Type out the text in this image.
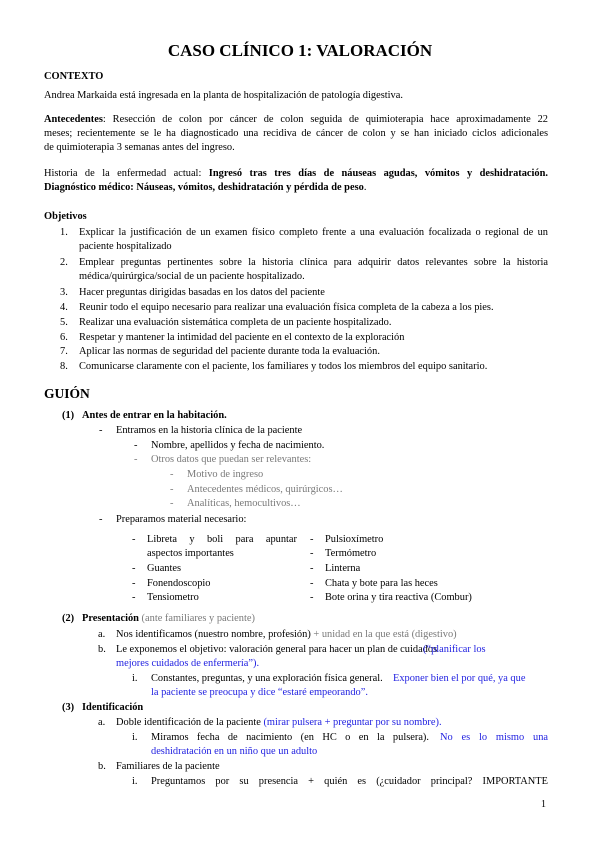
CASO CLÍNICO 1: VALORACIÓN
CONTEXTO
Andrea Markaida está ingresada en la planta de hospitalización de patología digestiva.
Antecedentes: Resección de colon por cáncer de colon seguida de quimioterapia hace aproximadamente 22
meses; recientemente se le ha diagnosticado una recidiva de cáncer de colon y se han iniciado ciclos adicionales
de quimioterapia 3 semanas antes del ingreso.
Historia de la enfermedad actual: Ingresó tras tres días de náuseas agudas, vómitos y deshidratación.
Diagnóstico médico: Náuseas, vómitos, deshidratación y pérdida de peso.
Objetivos
1. Explicar la justificación de un examen físico completo frente a una evaluación focalizada o regional de un
paciente hospitalizado
2. Emplear preguntas pertinentes sobre la historia clínica para adquirir datos relevantes sobre la historia
médica/quirúrgica/social de un paciente hospitalizado.
3. Hacer preguntas dirigidas basadas en los datos del paciente
4. Reunir todo el equipo necesario para realizar una evaluación física completa de la cabeza a los pies.
5. Realizar una evaluación sistemática completa de un paciente hospitalizado.
6. Respetar y mantener la intimidad del paciente en el contexto de la exploración
7. Aplicar las normas de seguridad del paciente durante toda la evaluación.
8. Comunicarse claramente con el paciente, los familiares y todos los miembros del equipo sanitario.
GUIÓN
(1) Antes de entrar en la habitación.
- Entramos en la historia clínica de la paciente
- Nombre, apellidos y fecha de nacimiento.
- Otros datos que puedan ser relevantes:
- Motivo de ingreso
- Antecedentes médicos, quirúrgicos…
- Analíticas, hemocultivos…
- Preparamos material necesario:
- Libreta y boli para apuntar
aspectos importantes
- Guantes
- Fonendoscopio
- Tensiometro
- Pulsioxímetro
- Termómetro
- Linterna
- Chata y bote para las heces
- Bote orina y tira reactiva (Combur)
(2) Presentación (ante familiares y paciente)
a. Nos identificamos (nuestro nombre, profesión) + unidad en la que está (digestivo)
b. Le exponemos el objetivo: valoración general para hacer un plan de cuidados
(“planificar los
mejores cuidados de enfermería”).
i. Constantes, preguntas, y una exploración física general. Exponer bien el por qué, ya que
la paciente se preocupa y dice “estaré empeorando”.
(3) Identificación
a. Doble identificación de la paciente (mirar pulsera + preguntar por su nombre).
i. Miramos fecha de nacimiento (en HC o en la pulsera). No es lo mismo una
deshidratación en un niño que un adulto
b. Familiares de la paciente
i. Preguntamos por su presencia + quién es (¿cuidador principal? IMPORTANTE
1
